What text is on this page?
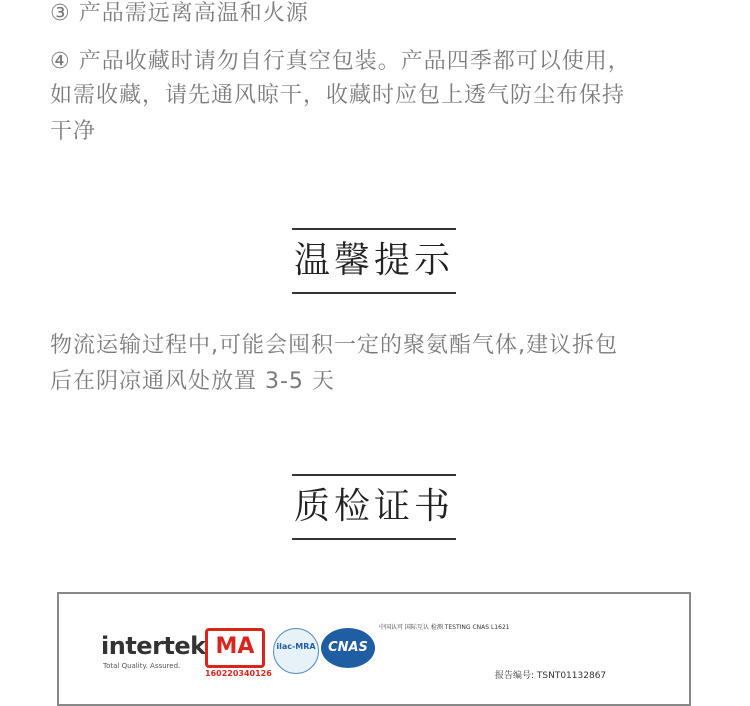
③ 产品需远离高温和火源
④ 产品收藏时请勿自行真空包装。产品四季都可以使用，
如需收藏，请先通风晾干，收藏时应包上透气防尘布保持
干净
温馨提示
物流运输过程中,可能会囤积一定的聚氨酯气体,建议拆包
后在阴凉通风处放置 3-5 天
质检证书
intertek
Total Quality. Assured.
MA
160220340126
ilac-MRA CNAS
中国认可 国际互认 检测 TESTING CNAS L1621
报告编号: TSNT01132867
